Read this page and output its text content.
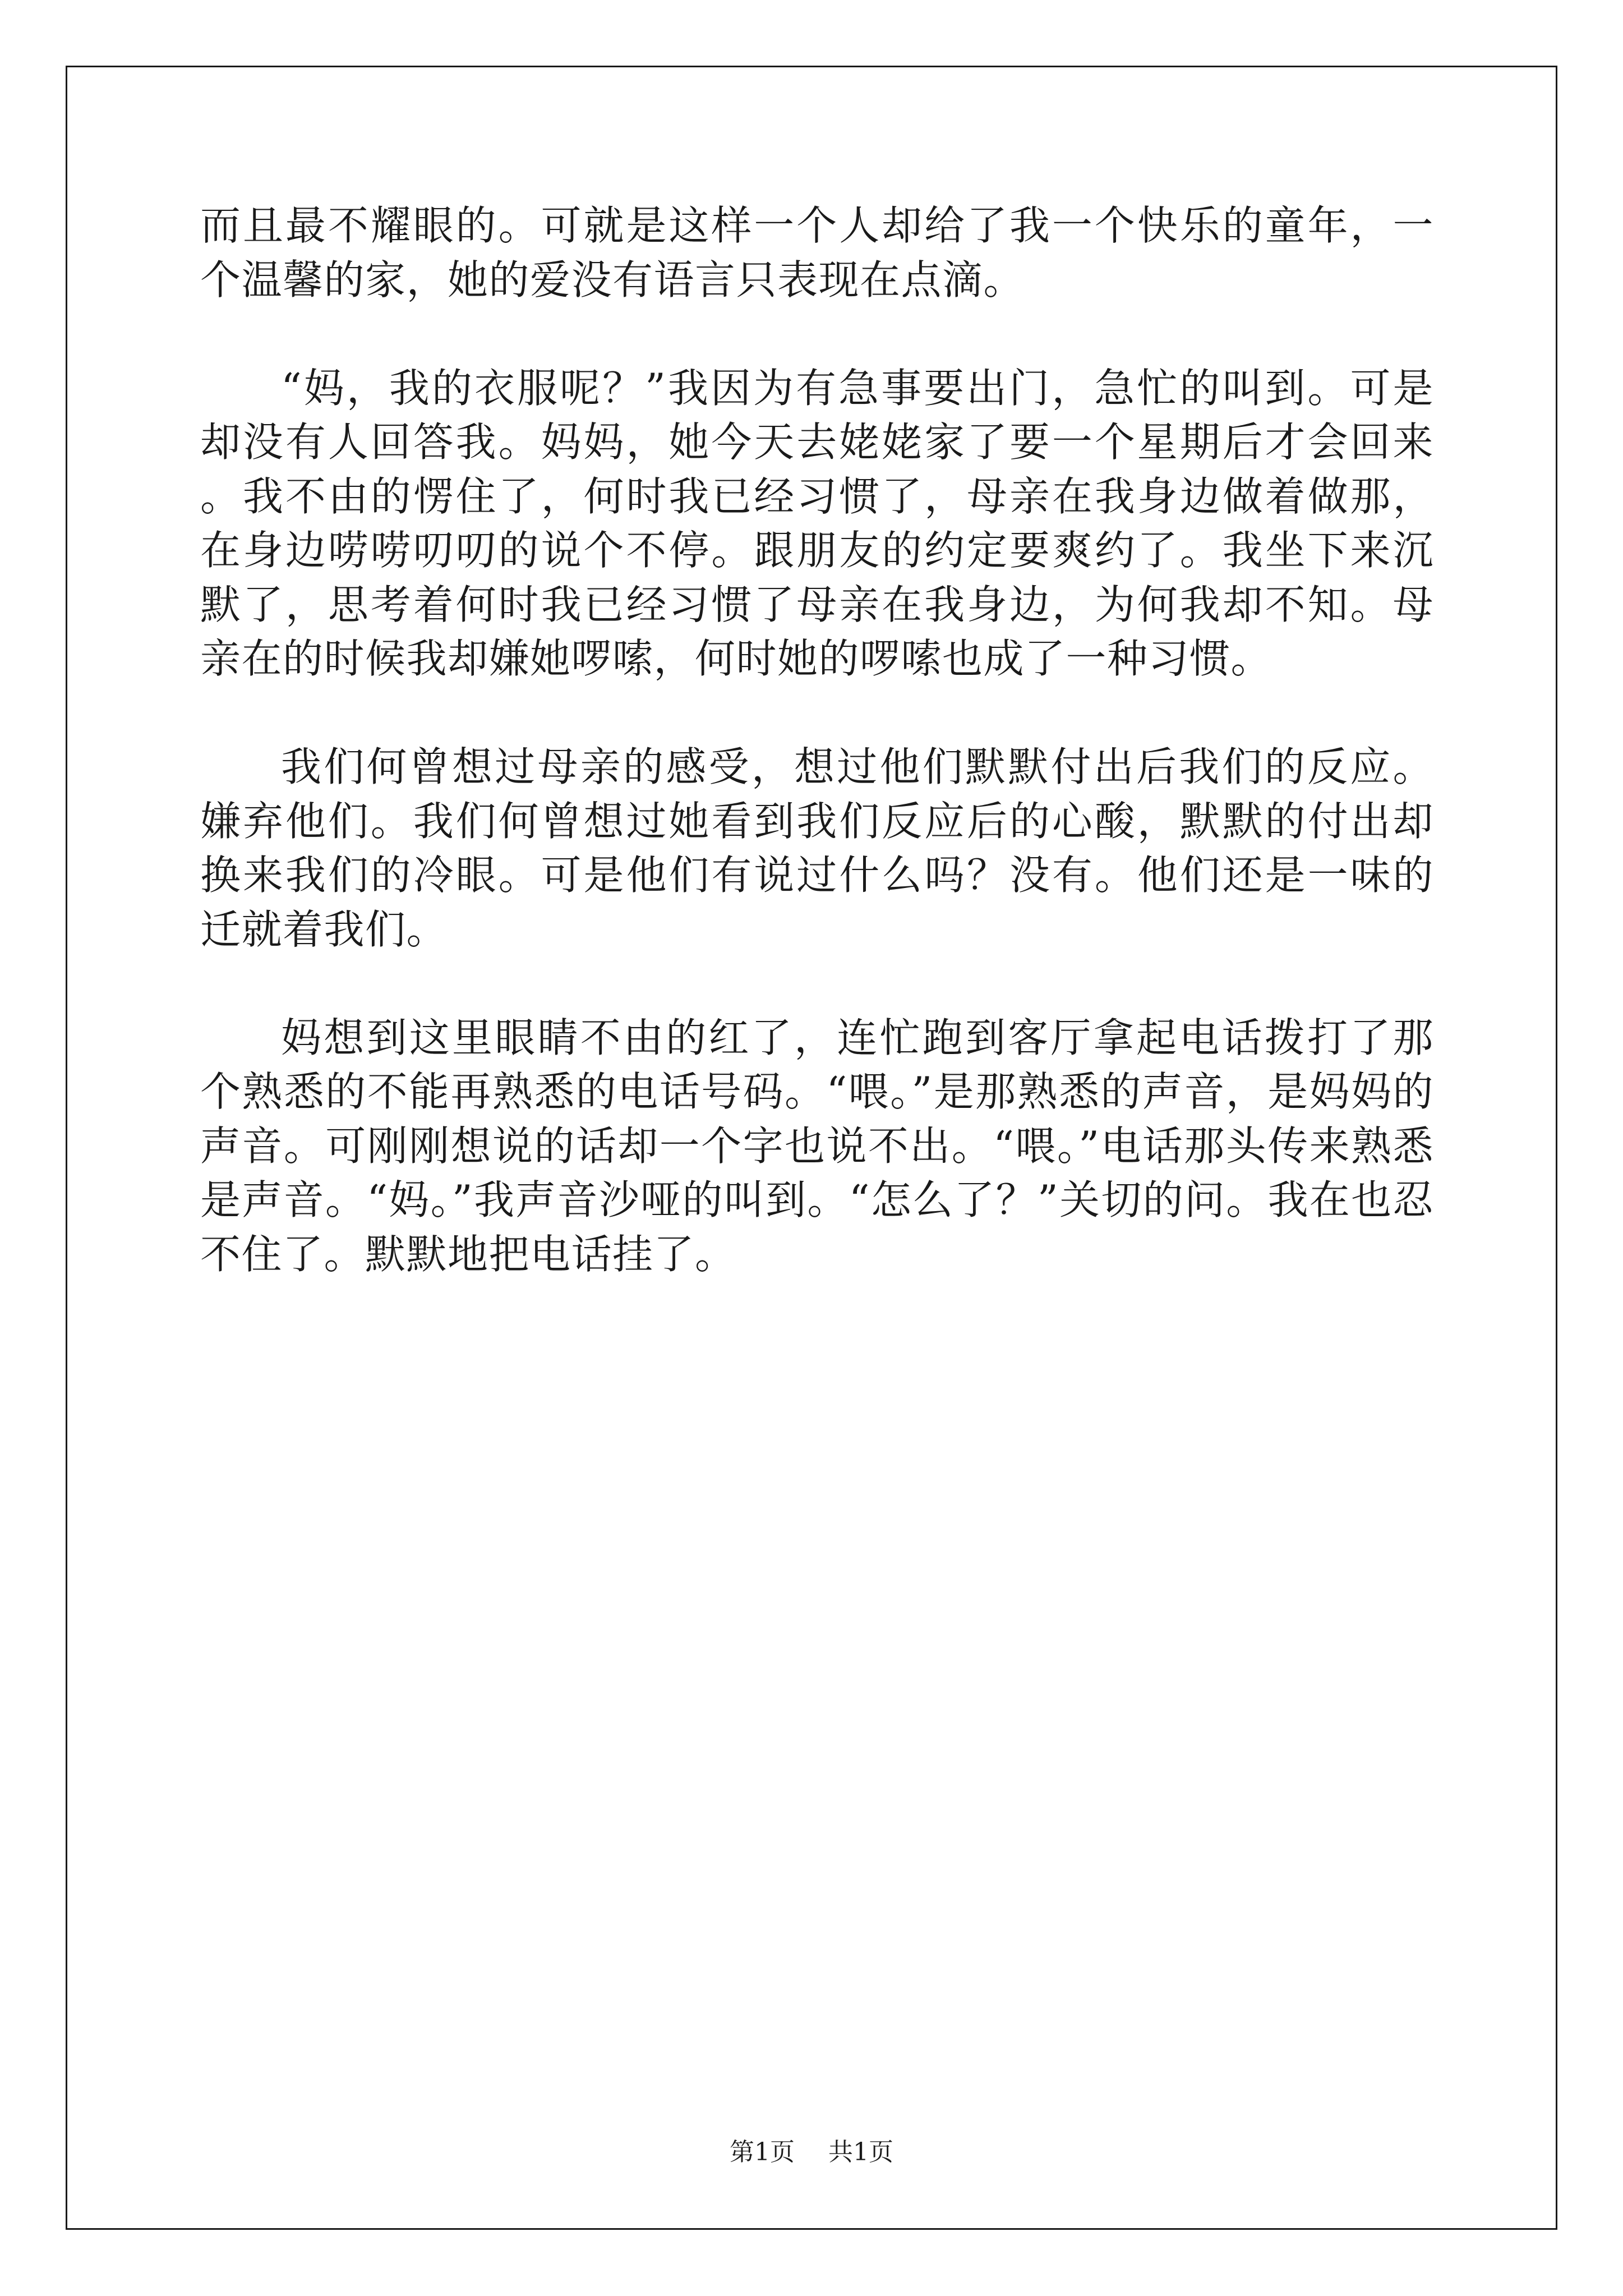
而且最不耀眼的。可就是这样一个人却给了我一个快乐的童年，一个温馨的家，她的爱没有语言只表现在点滴。

“妈，我的衣服呢？”我因为有急事要出门，急忙的叫到。可是却没有人回答我。妈妈，她今天去姥姥家了要一个星期后才会回来。我不由的愣住了，何时我已经习惯了，母亲在我身边做着做那，在身边唠唠叨叨的说个不停。跟朋友的约定要爽约了。我坐下来沉默了，思考着何时我已经习惯了母亲在我身边，为何我却不知。母亲在的时候我却嫌她啰嗦，何时她的啰嗦也成了一种习惯。

我们何曾想过母亲的感受，想过他们默默付出后我们的反应。嫌弃他们。我们何曾想过她看到我们反应后的心酸，默默的付出却换来我们的冷眼。可是他们有说过什么吗？没有。他们还是一味的迁就着我们。

妈想到这里眼睛不由的红了，连忙跑到客厅拿起电话拨打了那个熟悉的不能再熟悉的电话号码。“喂。”是那熟悉的声音，是妈妈的声音。可刚刚想说的话却一个字也说不出。“喂。”电话那头传来熟悉是声音。“妈。”我声音沙哑的叫到。“怎么了？”关切的问。我在也忍不住了。默默地把电话挂了。

第1页 共1页
